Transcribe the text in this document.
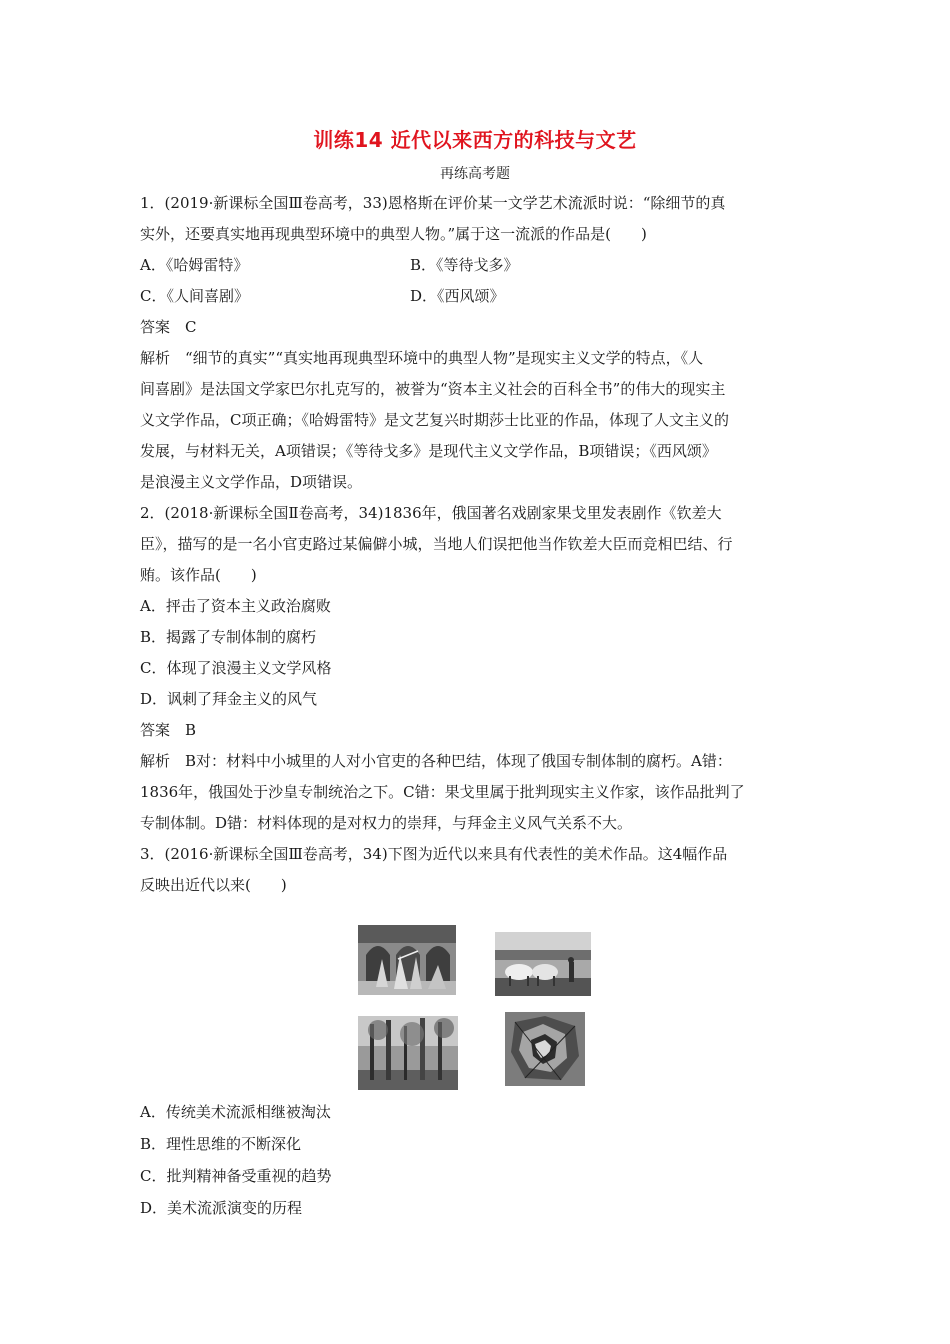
训练14 近代以来西方的科技与文艺
再练高考题

1．(2019·新课标全国Ⅲ卷高考，33)恩格斯在评价某一文学艺术流派时说：“除细节的真

实外，还要真实地再现典型环境中的典型人物。”属于这一流派的作品是(　　)

A．《哈姆雷特》	B．《等待戈多》
C．《人间喜剧》	D．《西风颂》

答案　C

解析　“细节的真实”“真实地再现典型环境中的典型人物”是现实主义文学的特点，《人

间喜剧》是法国文学家巴尔扎克写的，被誉为“资本主义社会的百科全书”的伟大的现实主

义文学作品，C项正确；《哈姆雷特》是文艺复兴时期莎士比亚的作品，体现了人文主义的

发展，与材料无关，A项错误；《等待戈多》是现代主义文学作品，B项错误；《西风颂》

是浪漫主义文学作品，D项错误。

2．(2018·新课标全国Ⅱ卷高考，34)1836年，俄国著名戏剧家果戈里发表剧作《钦差大

臣》，描写的是一名小官吏路过某偏僻小城，当地人们误把他当作钦差大臣而竞相巴结、行

贿。该作品(　　)

A．抨击了资本主义政治腐败

B．揭露了专制体制的腐朽

C．体现了浪漫主义文学风格

D．讽刺了拜金主义的风气

答案　B

解析　B对：材料中小城里的人对小官吏的各种巴结，体现了俄国专制体制的腐朽。A错：

1836年，俄国处于沙皇专制统治之下。C错：果戈里属于批判现实主义作家，该作品批判了

专制体制。D错：材料体现的是对权力的崇拜，与拜金主义风气关系不大。

3．(2016·新课标全国Ⅲ卷高考，34)下图为近代以来具有代表性的美术作品。这4幅作品

反映出近代以来(　　)

A．传统美术流派相继被淘汰

B．理性思维的不断深化

C．批判精神备受重视的趋势

D．美术流派演变的历程
